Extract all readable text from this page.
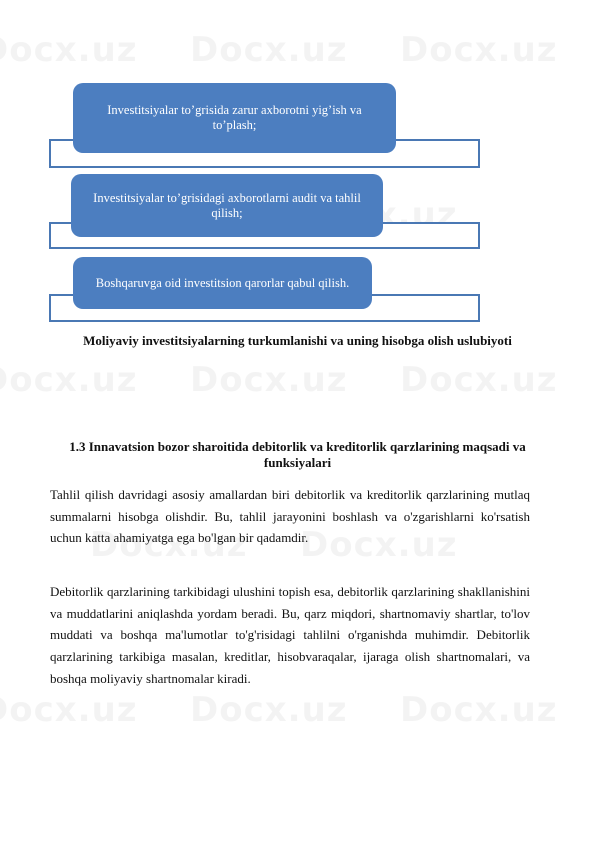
Investitsiyalar to’grisida zarur axborotni yig’ish va to’plash;
Investitsiyalar to’grisidagi axborotlarni audit va tahlil qilish;
Boshqaruvga oid investitsion qarorlar qabul qilish.
Moliyaviy investitsiyalarning turkumlanishi va uning hisobga olish uslubiyoti
1.3 Innavatsion bozor sharoitida debitorlik va kreditorlik qarzlarining maqsadi va funksiyalari
Tahlil qilish davridagi asosiy amallardan biri debitorlik va kreditorlik qarzlarining mutlaq summalarni hisobga olishdir. Bu, tahlil jarayonini boshlash va o'zgarishlarni ko'rsatish uchun katta ahamiyatga ega bo'lgan bir qadamdir.
Debitorlik qarzlarining tarkibidagi ulushini topish esa, debitorlik qarzlarining shakllanishini va muddatlarini aniqlashda yordam beradi. Bu, qarz miqdori, shartnomaviy shartlar, to'lov muddati va boshqa ma'lumotlar to'g'risidagi tahlilni o'rganishda muhimdir. Debitorlik qarzlarining tarkibiga masalan, kreditlar, hisobvaraqalar, ijaraga olish shartnomalari, va boshqa moliyaviy shartnomalar kiradi.
